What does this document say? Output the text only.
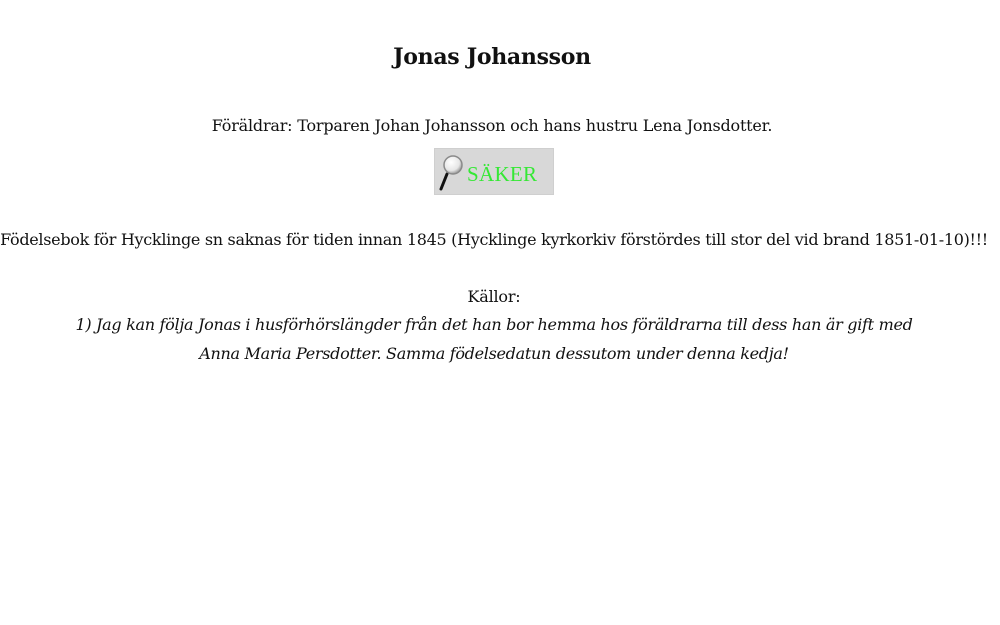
Jonas Johansson
Föräldrar: Torparen Johan Johansson och hans hustru Lena Jonsdotter.
SÄKER
Födelsebok för Hycklinge sn saknas för tiden innan 1845 (Hycklinge kyrkorkiv förstördes till stor del vid brand 1851-01-10)!!!
Källor:
1) Jag kan följa Jonas i husförhörslängder från det han bor hemma hos föräldrarna till dess han är gift med
Anna Maria Persdotter. Samma födelsedatun dessutom under denna kedja!
